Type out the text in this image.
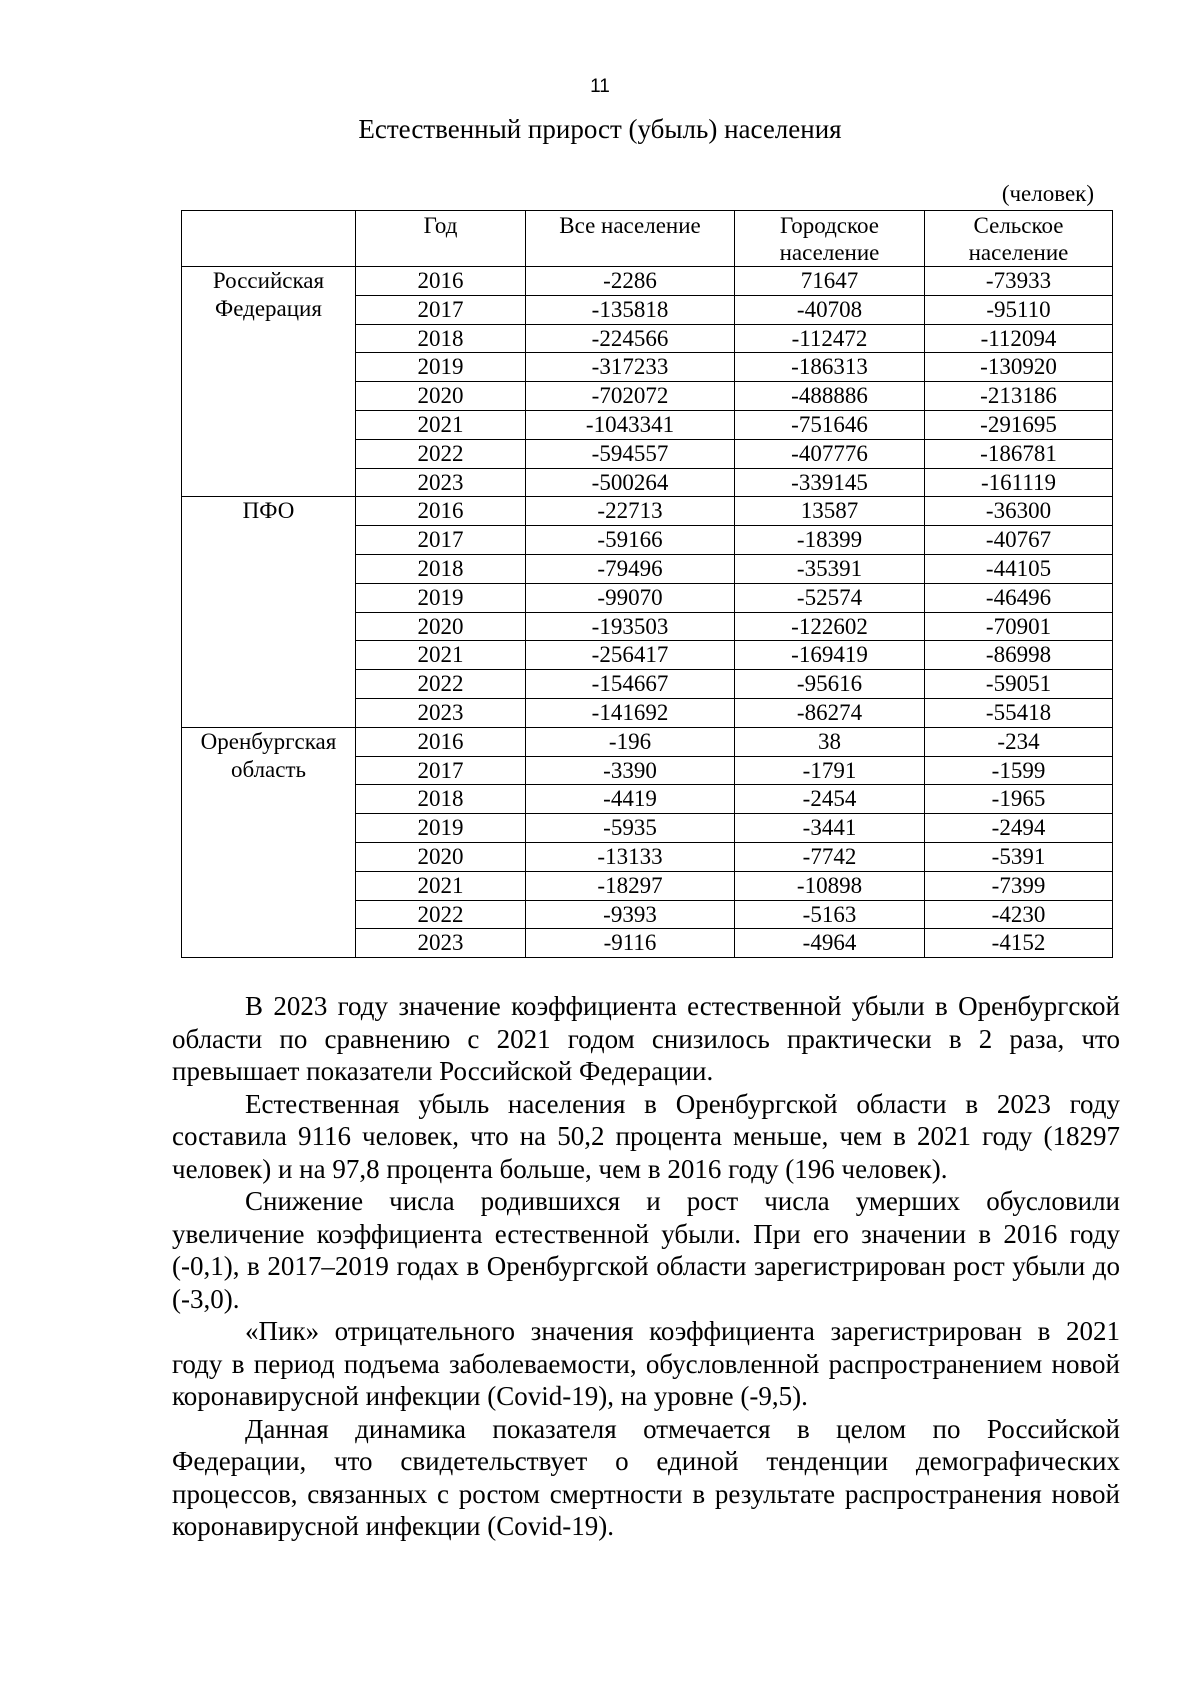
11
Естественный прирост (убыль) населения
(человек)
	Год	Все население	Городское население	Сельское население
Российская Федерация	2016	-2286	71647	-73933
	2017	-135818	-40708	-95110
	2018	-224566	-112472	-112094
	2019	-317233	-186313	-130920
	2020	-702072	-488886	-213186
	2021	-1043341	-751646	-291695
	2022	-594557	-407776	-186781
	2023	-500264	-339145	-161119
ПФО	2016	-22713	13587	-36300
	2017	-59166	-18399	-40767
	2018	-79496	-35391	-44105
	2019	-99070	-52574	-46496
	2020	-193503	-122602	-70901
	2021	-256417	-169419	-86998
	2022	-154667	-95616	-59051
	2023	-141692	-86274	-55418
Оренбургская область	2016	-196	38	-234
	2017	-3390	-1791	-1599
	2018	-4419	-2454	-1965
	2019	-5935	-3441	-2494
	2020	-13133	-7742	-5391
	2021	-18297	-10898	-7399
	2022	-9393	-5163	-4230
	2023	-9116	-4964	-4152

В 2023 году значение коэффициента естественной убыли в Оренбургской области по сравнению с 2021 годом снизилось практически в 2 раза, что превышает показатели Российской Федерации.

Естественная убыль населения в Оренбургской области в 2023 году составила 9116 человек, что на 50,2 процента меньше, чем в 2021 году (18297 человек) и на 97,8 процента больше, чем в 2016 году (196 человек).

Снижение числа родившихся и рост числа умерших обусловили увеличение коэффициента естественной убыли. При его значении в 2016 году (-0,1), в 2017–2019 годах в Оренбургской области зарегистрирован рост убыли до (-3,0).

«Пик» отрицательного значения коэффициента зарегистрирован в 2021 году в период подъема заболеваемости, обусловленной распространением новой коронавирусной инфекции (Covid-19), на уровне (-9,5).

Данная динамика показателя отмечается в целом по Российской Федерации, что свидетельствует о единой тенденции демографических процессов, связанных с ростом смертности в результате распространения новой коронавирусной инфекции (Covid-19).
